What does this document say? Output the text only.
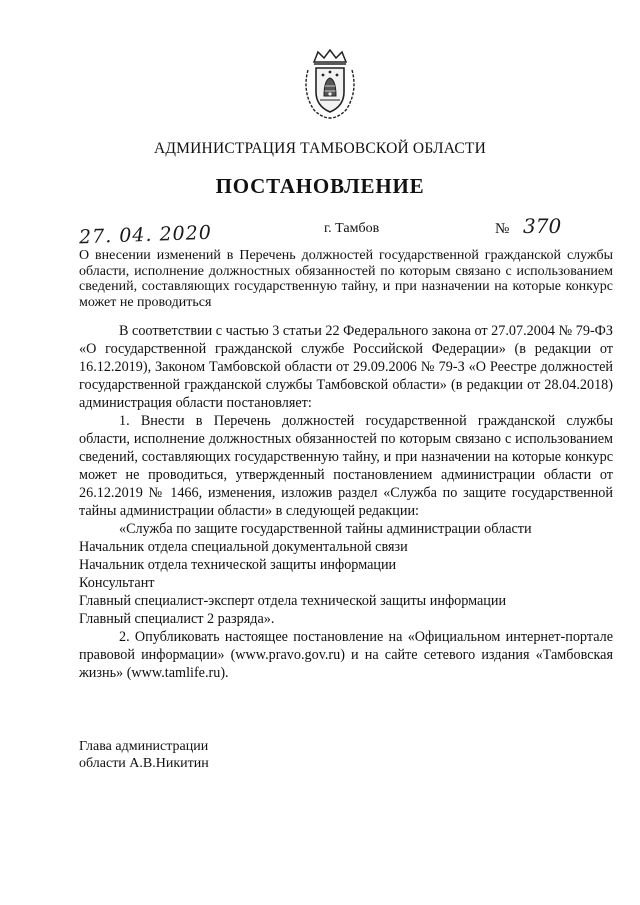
АДМИНИСТРАЦИЯ ТАМБОВСКОЙ ОБЛАСТИ
ПОСТАНОВЛЕНИЕ
27. 04. 2020	г. Тамбов	№ 370
О внесении изменений в Перечень должностей государственной гражданской службы области, исполнение должностных обязанностей по которым связано с использованием сведений, составляющих государственную тайну, и при назначении на которые конкурс может не проводиться

В соответствии с частью 3 статьи 22 Федерального закона от 27.07.2004 № 79-ФЗ «О государственной гражданской службе Российской Федерации» (в редакции от 16.12.2019), Законом Тамбовской области от 29.09.2006 № 79-З «О Реестре должностей государственной гражданской службы Тамбовской области» (в редакции от 28.04.2018) администрация области постановляет:

1. Внести в Перечень должностей государственной гражданской службы области, исполнение должностных обязанностей по которым связано с использованием сведений, составляющих государственную тайну, и при назначении на которые конкурс может не проводиться, утвержденный постановлением администрации области от 26.12.2019 № 1466, изменения, изложив раздел «Служба по защите государственной тайны администрации области» в следующей редакции:

«Служба по защите государственной тайны администрации области

Начальник отдела специальной документальной связи

Начальник отдела технической защиты информации

Консультант

Главный специалист-эксперт отдела технической защиты информации

Главный специалист 2 разряда».

2. Опубликовать настоящее постановление на «Официальном интернет-портале правовой информации» (www.pravo.gov.ru) и на сайте сетевого издания «Тамбовская жизнь» (www.tamlife.ru).

Глава администрации
области А.В.Никитин
